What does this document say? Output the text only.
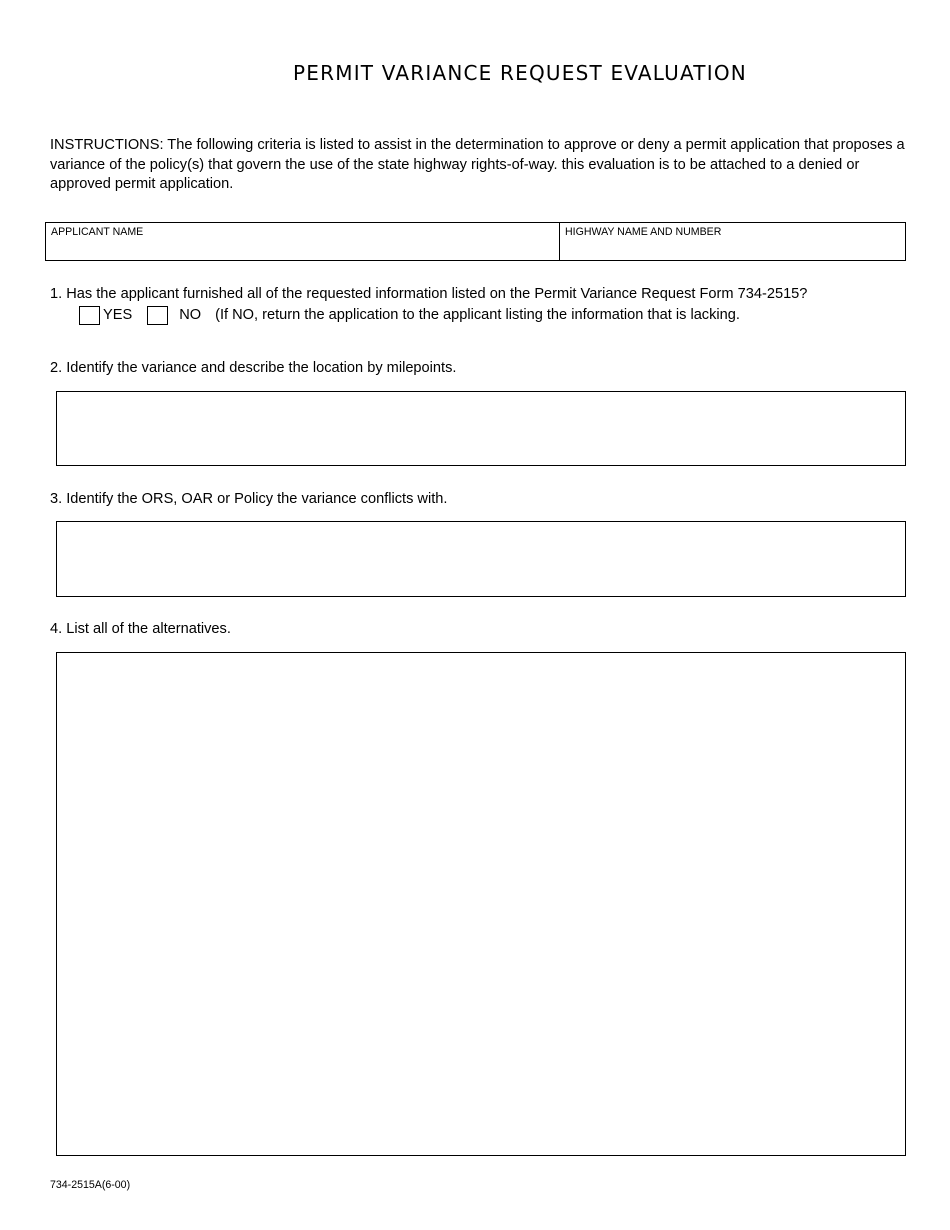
PERMIT VARIANCE REQUEST EVALUATION
INSTRUCTIONS: The following criteria is listed to assist in the determination to approve or deny a permit application that proposes a variance of the policy(s) that govern the use of the state highway rights-of-way. this evaluation is to be attached to a denied or approved permit application.
APPLICANT NAME	HIGHWAY NAME AND NUMBER
1. Has the applicant furnished all of the requested information listed on the Permit Variance Request Form 734-2515?
YES	NO (If NO, return the application to the applicant listing the information that is lacking.
2. Identify the variance and describe the location by milepoints.
3. Identify the ORS, OAR or Policy the variance conflicts with.
4. List all of the alternatives.
734-2515A(6-00)
